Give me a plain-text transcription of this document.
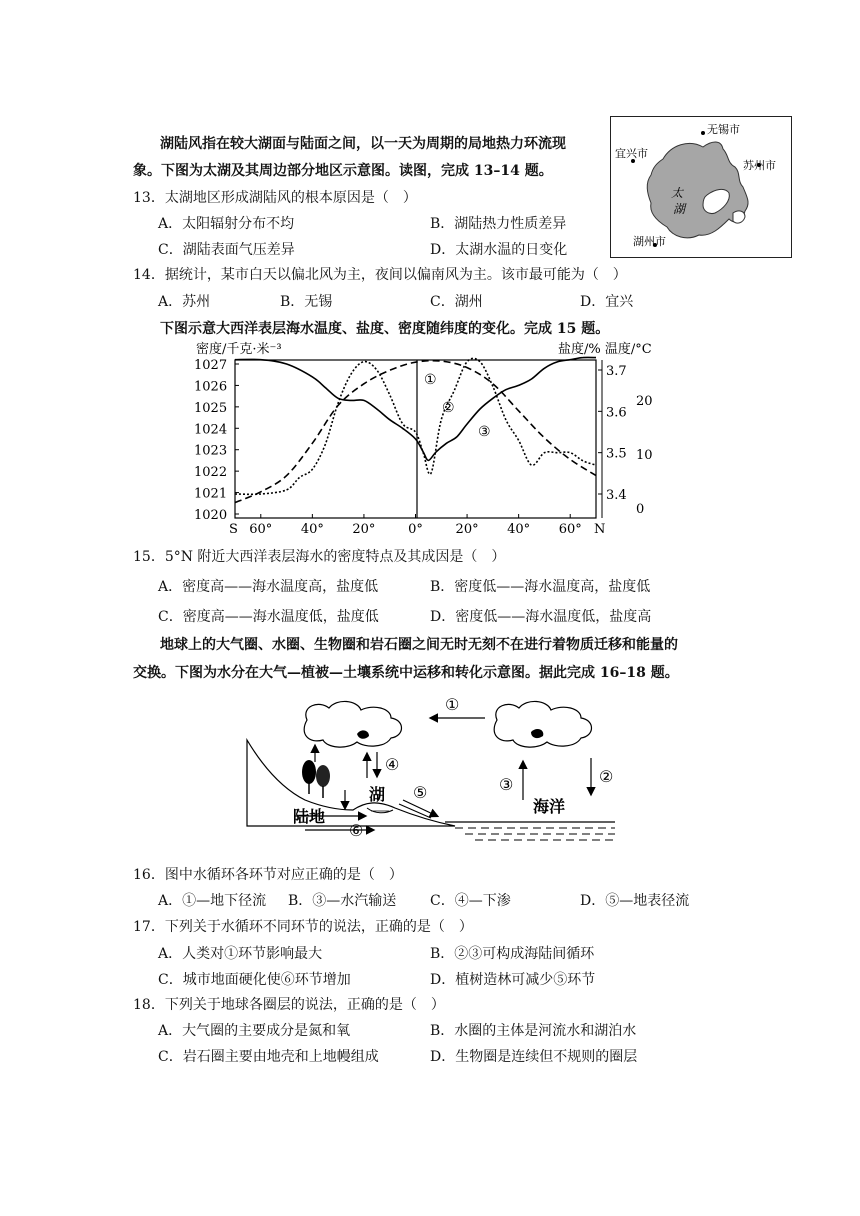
湖陆风指在较大湖面与陆面之间，以一天为周期的局地热力环流现
象。下图为太湖及其周边部分地区示意图。读图，完成 13–14 题。
无锡市
宜兴市
苏州市
湖州市
太
湖
13．太湖地区形成湖陆风的根本原因是（　）
A．太阳辐射分布不均	B．湖陆热力性质差异
C．湖陆表面气压差异	D．太湖水温的日变化
14．据统计，某市白天以偏北风为主，夜间以偏南风为主。该市最可能为（　）
A．苏州	B．无锡	C．湖州	D．宜兴
下图示意大西洋表层海水温度、盐度、密度随纬度的变化。完成 15 题。
密度/千克·米⁻³	盐度/% 温度/°C
1027
1026
1025
1024
1023
1022
1021
1020
3.7
3.6
3.5
3.4
20
10
0
S 60° 40° 20°	0°	20° 40° 60° N
①
②
③
15．5°N 附近大西洋表层海水的密度特点及其成因是（　）
A．密度高——海水温度高，盐度低	B．密度低——海水温度高，盐度低
C．密度高——海水温度低，盐度低	D．密度低——海水温度低，盐度高
地球上的大气圈、水圈、生物圈和岩石圈之间无时无刻不在进行着物质迁移和能量的
交换。下图为水分在大气—植被—土壤系统中运移和转化示意图。据此完成 16–18 题。
①
④
湖 ⑤
⑥
陆地
海洋
③	②
16．图中水循环各环节对应正确的是（　）
A．①—地下径流 B．③—水汽输送 C．④—下渗	D．⑤—地表径流
17．下列关于水循环不同环节的说法，正确的是（　）
A．人类对①环节影响最大	B．②③可构成海陆间循环
C．城市地面硬化使⑥环节增加	D．植树造林可减少⑤环节
18．下列关于地球各圈层的说法，正确的是（　）
A．大气圈的主要成分是氮和氧	B．水圈的主体是河流水和湖泊水
C．岩石圈主要由地壳和上地幔组成	D．生物圈是连续但不规则的圈层
